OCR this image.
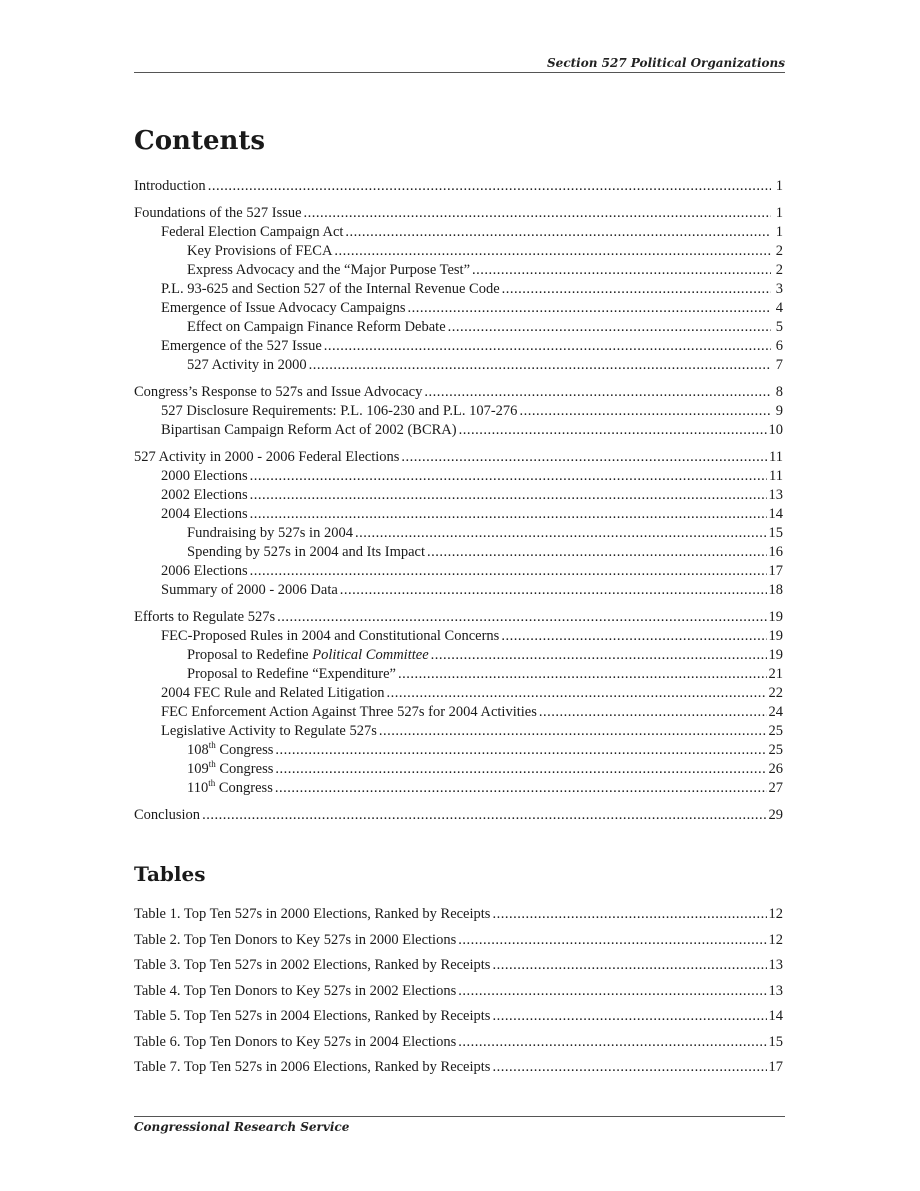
Section 527 Political Organizations
Contents
Introduction .....	1
Foundations of the 527 Issue .....	1
Federal Election Campaign Act .....	1
Key Provisions of FECA .....	2
Express Advocacy and the “Major Purpose Test” .....	2
P.L. 93-625 and Section 527 of the Internal Revenue Code .....	3
Emergence of Issue Advocacy Campaigns .....	4
Effect on Campaign Finance Reform Debate .....	5
Emergence of the 527 Issue .....	6
527 Activity in 2000 .....	7
Congress’s Response to 527s and Issue Advocacy .....	8
527 Disclosure Requirements: P.L. 106-230 and P.L. 107-276 .....	9
Bipartisan Campaign Reform Act of 2002 (BCRA) .....	10
527 Activity in 2000 - 2006 Federal Elections .....	11
2000 Elections .....	11
2002 Elections .....	13
2004 Elections .....	14
Fundraising by 527s in 2004 .....	15
Spending by 527s in 2004 and Its Impact .....	16
2006 Elections .....	17
Summary of 2000 - 2006 Data .....	18
Efforts to Regulate 527s .....	19
FEC-Proposed Rules in 2004 and Constitutional Concerns .....	19
Proposal to Redefine Political Committee .....	19
Proposal to Redefine “Expenditure” .....	21
2004 FEC Rule and Related Litigation .....	22
FEC Enforcement Action Against Three 527s for 2004 Activities .....	24
Legislative Activity to Regulate 527s .....	25
108th Congress .....	25
109th Congress .....	26
110th Congress .....	27
Conclusion .....	29
Tables
Table 1. Top Ten 527s in 2000 Elections, Ranked by Receipts .....	12
Table 2. Top Ten Donors to Key 527s in 2000 Elections .....	12
Table 3. Top Ten 527s in 2002 Elections, Ranked by Receipts .....	13
Table 4. Top Ten Donors to Key 527s in 2002 Elections .....	13
Table 5. Top Ten 527s in 2004 Elections, Ranked by Receipts .....	14
Table 6. Top Ten Donors to Key 527s in 2004 Elections .....	15
Table 7. Top Ten 527s in 2006 Elections, Ranked by Receipts .....	17
Congressional Research Service
